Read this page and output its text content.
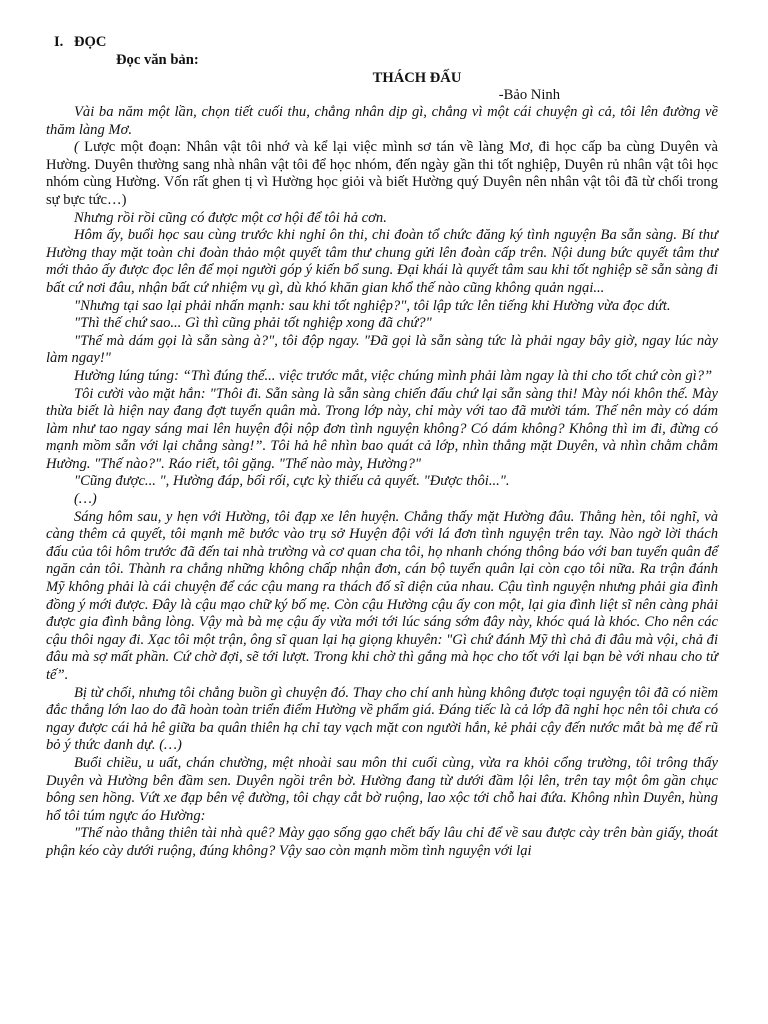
I. ĐỌC
Đọc văn bản:
THÁCH ĐẤU
-Bảo Ninh

Vài ba năm một lần, chọn tiết cuối thu, chẳng nhân dịp gì, chẳng vì một cái chuyện gì cả, tôi lên đường về thăm làng Mơ.

( Lược một đoạn: Nhân vật tôi nhớ và kể lại việc mình sơ tán về làng Mơ, đi học cấp ba cùng Duyên và Hường. Duyên thường sang nhà nhân vật tôi để học nhóm, đến ngày gần thi tốt nghiệp, Duyên rủ nhân vật tôi học nhóm cùng Hường. Vốn rất ghen tị vì Hường học giỏi và biết Hường quý Duyên nên nhân vật tôi đã từ chối trong sự bực tức…)

Nhưng rồi rồi cũng có được một cơ hội để tôi hả cơn.

Hôm ấy, buổi học sau cùng trước khi nghỉ ôn thi, chi đoàn tổ chức đăng ký tình nguyện Ba sẵn sàng. Bí thư Hường thay mặt toàn chi đoàn thảo một quyết tâm thư chung gửi lên đoàn cấp trên. Nội dung bức quyết tâm thư mới thảo ấy được đọc lên để mọi người góp ý kiến bổ sung. Đại khái là quyết tâm sau khi tốt nghiệp sẽ sẵn sàng đi bất cứ nơi đâu, nhận bất cứ nhiệm vụ gì, dù khó khăn gian khổ thế nào cũng không quản ngại...

"Nhưng tại sao lại phải nhấn mạnh: sau khi tốt nghiệp?", tôi lập tức lên tiếng khi Hường vừa đọc dứt.

"Thì thế chứ sao... Gì thì cũng phải tốt nghiệp xong đã chứ?"

"Thế mà dám gọi là sẵn sàng à?", tôi độp ngay. "Đã gọi là sẵn sàng tức là phải ngay bây giờ, ngay lúc này làm ngay!"

Hường lúng túng: “Thì đúng thế... việc trước mắt, việc chúng mình phải làm ngay là thi cho tốt chứ còn gì?”

Tôi cười vào mặt hắn: "Thôi đi. Sẵn sàng là sẵn sàng chiến đấu chứ lại sẵn sàng thi! Mày nói khôn thế. Mày thừa biết là hiện nay đang đợt tuyển quân mà. Trong lớp này, chỉ mày với tao đã mười tám. Thế nên mày có dám làm như tao ngay sáng mai lên huyện đội nộp đơn tình nguyện không? Có dám không? Không thì im đi, đừng có mạnh mồm sẵn với lại chẳng sàng!”. Tôi hả hê nhìn bao quát cả lớp, nhìn thẳng mặt Duyên, và nhìn chằm chằm Hường. "Thế nào?". Ráo riết, tôi gặng. "Thế nào mày, Hường?"

"Cũng được... ", Hường đáp, bối rối, cực kỳ thiếu cả quyết. "Được thôi...".

(…)

Sáng hôm sau, y hẹn với Hường, tôi đạp xe lên huyện. Chẳng thấy mặt Hường đâu. Thằng hèn, tôi nghĩ, và càng thêm cả quyết, tôi mạnh mẽ bước vào trụ sở Huyện đội với lá đơn tình nguyện trên tay. Nào ngờ lời thách đấu của tôi hôm trước đã đến tai nhà trường và cơ quan cha tôi, họ nhanh chóng thông báo với ban tuyển quân để ngăn cản tôi. Thành ra chẳng những không chấp nhận đơn, cán bộ tuyển quân lại còn cạo tôi nữa. Ra trận đánh Mỹ không phải là cái chuyện để các cậu mang ra thách đố sĩ diện của nhau. Cậu tình nguyện nhưng phải gia đình đồng ý mới được. Đây là cậu mạo chữ ký bố mẹ. Còn cậu Hường cậu ấy con một, lại gia đình liệt sĩ nên càng phải được gia đình bằng lòng. Vậy mà bà mẹ cậu ấy vừa mới tới lúc sáng sớm đây này, khóc quá là khóc. Cho nên các cậu thôi ngay đi. Xạc tôi một trận, ông sĩ quan lại hạ giọng khuyên: "Gì chứ đánh Mỹ thì chả đi đâu mà vội, chả đi đâu mà sợ mất phần. Cứ chờ đợi, sẽ tới lượt. Trong khi chờ thì gắng mà học cho tốt với lại bạn bè với nhau cho tử tế”.

Bị từ chối, nhưng tôi chẳng buồn gì chuyện đó. Thay cho chí anh hùng không được toại nguyện tôi đã có niềm đắc thắng lớn lao do đã hoàn toàn triển điểm Hường về phẩm giá. Đáng tiếc là cả lớp đã nghỉ học nên tôi chưa có ngay được cái hả hê giữa ba quân thiên hạ chỉ tay vạch mặt con người hắn, kẻ phải cậy đến nước mắt bà mẹ để rũ bỏ ý thức danh dự. (…)

Buổi chiều, u uất, chán chường, mệt nhoài sau môn thi cuối cùng, vừa ra khỏi cổng trường, tôi trông thấy Duyên và Hường bên đầm sen. Duyên ngồi trên bờ. Hường đang từ dưới đầm lội lên, trên tay một ôm gần chục bông sen hồng. Vứt xe đạp bên vệ đường, tôi chạy cắt bờ ruộng, lao xộc tới chỗ hai đứa. Không nhìn Duyên, hùng hổ tôi túm ngực áo Hường:

"Thế nào thằng thiên tài nhà quê? Mày gạo sống gạo chết bấy lâu chỉ để về sau được cày trên bàn giấy, thoát phận kéo cày dưới ruộng, đúng không? Vậy sao còn mạnh mồm tình nguyện với lại
